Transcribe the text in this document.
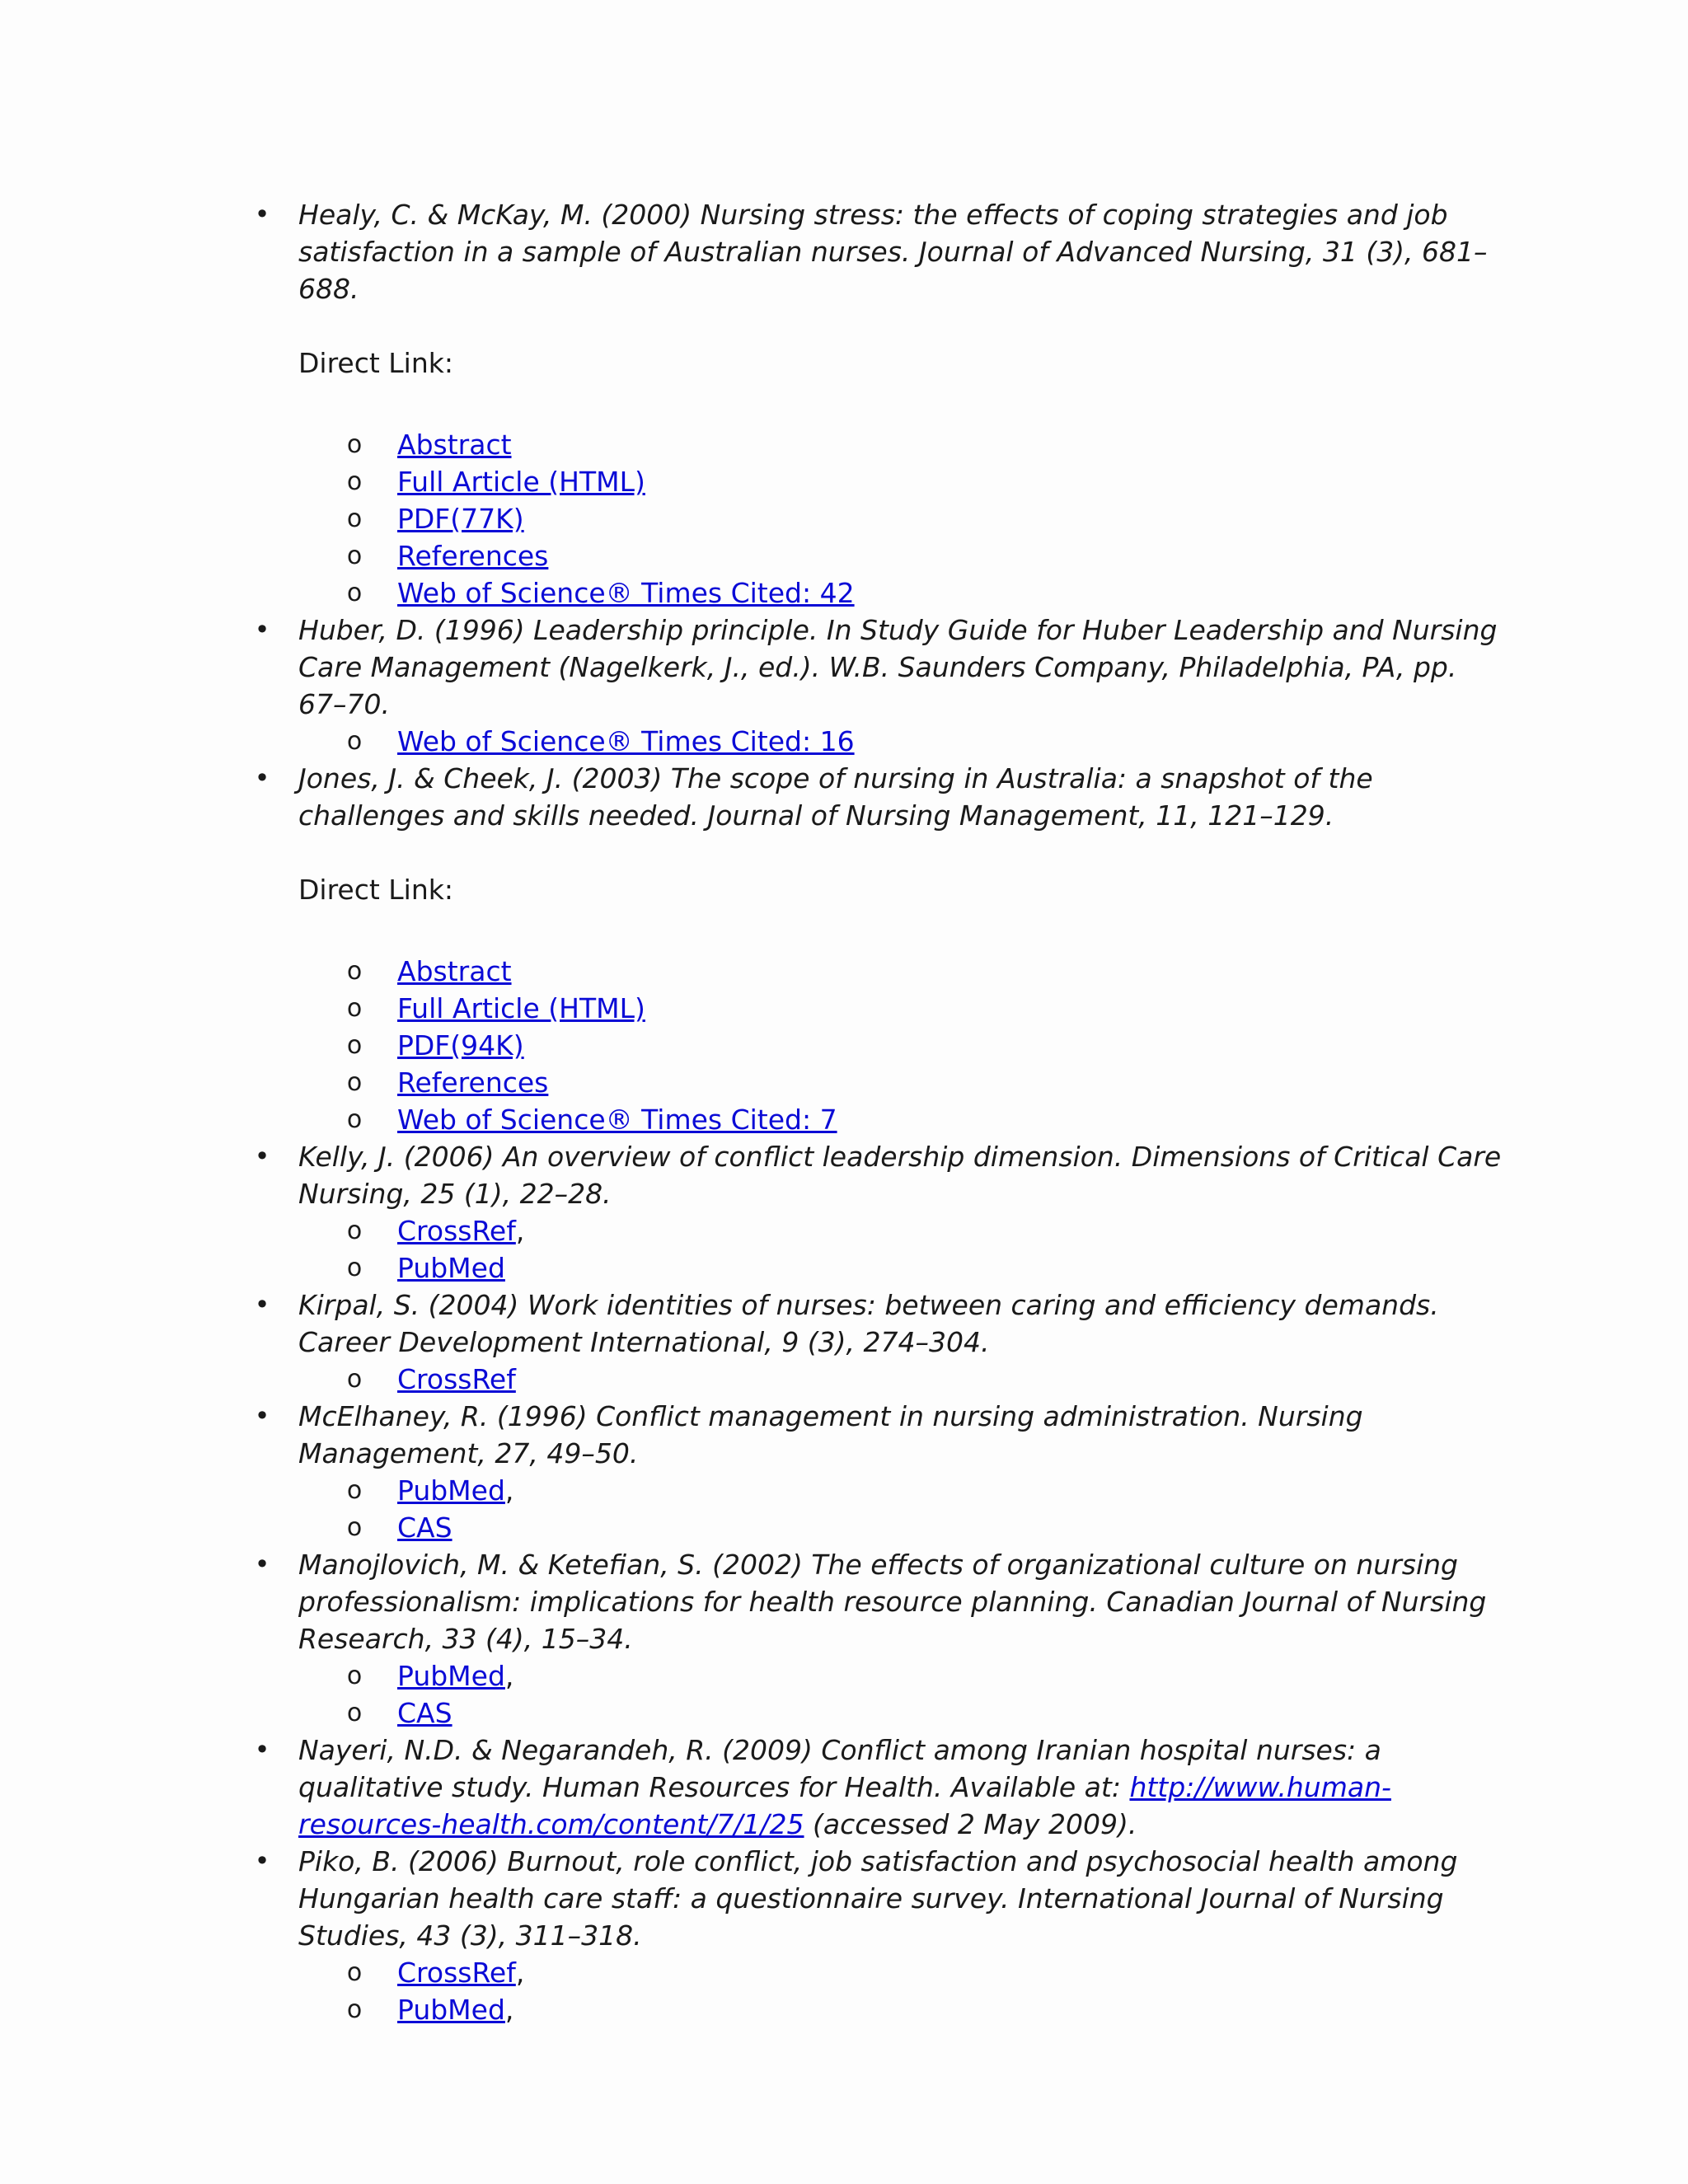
• Healy, C. & McKay, M. (2000) Nursing stress: the effects of coping strategies and job satisfaction in a sample of Australian nurses. Journal of Advanced Nursing, 31 (3), 681–688.
Direct Link:
o Abstract
o Full Article (HTML)
o PDF(77K)
o References
o Web of Science® Times Cited: 42
• Huber, D. (1996) Leadership principle. In Study Guide for Huber Leadership and Nursing Care Management (Nagelkerk, J., ed.). W.B. Saunders Company, Philadelphia, PA, pp. 67–70.
o Web of Science® Times Cited: 16
• Jones, J. & Cheek, J. (2003) The scope of nursing in Australia: a snapshot of the challenges and skills needed. Journal of Nursing Management, 11, 121–129.
Direct Link:
o Abstract
o Full Article (HTML)
o PDF(94K)
o References
o Web of Science® Times Cited: 7
• Kelly, J. (2006) An overview of conflict leadership dimension. Dimensions of Critical Care Nursing, 25 (1), 22–28.
o CrossRef,
o PubMed
• Kirpal, S. (2004) Work identities of nurses: between caring and efficiency demands. Career Development International, 9 (3), 274–304.
o CrossRef
• McElhaney, R. (1996) Conflict management in nursing administration. Nursing Management, 27, 49–50.
o PubMed,
o CAS
• Manojlovich, M. & Ketefian, S. (2002) The effects of organizational culture on nursing professionalism: implications for health resource planning. Canadian Journal of Nursing Research, 33 (4), 15–34.
o PubMed,
o CAS
• Nayeri, N.D. & Negarandeh, R. (2009) Conflict among Iranian hospital nurses: a qualitative study. Human Resources for Health. Available at: http://www.human-resources-health.com/content/7/1/25 (accessed 2 May 2009).
• Piko, B. (2006) Burnout, role conflict, job satisfaction and psychosocial health among Hungarian health care staff: a questionnaire survey. International Journal of Nursing Studies, 43 (3), 311–318.
o CrossRef,
o PubMed,
